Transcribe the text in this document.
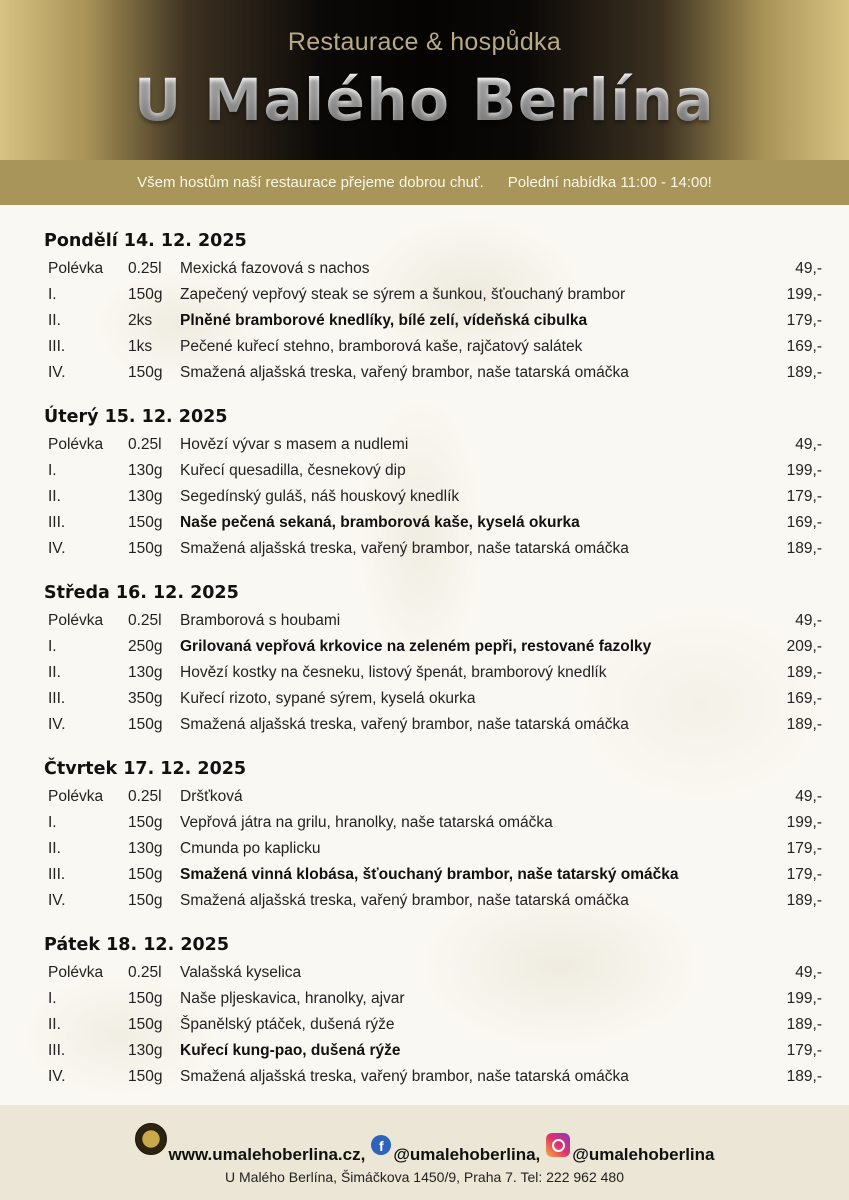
Restaurace & hospůdka
U Malého Berlína
Všem hostům naší restaurace přejeme dobrou chuť. Polední nabídka 11:00 - 14:00!
Pondělí 14. 12. 2025
Polévka	0.25l	Mexická fazovová s nachos	49,-
I.	150g	Zapečený vepřový steak se sýrem a šunkou, šťouchaný brambor	199,-
II.	2ks	Plněné bramborové knedlíky, bílé zelí, vídeňská cibulka	179,-
III.	1ks	Pečené kuřecí stehno, bramborová kaše, rajčatový salátek	169,-
IV.	150g	Smažená aljašská treska, vařený brambor, naše tatarská omáčka	189,-
Úterý 15. 12. 2025
Polévka	0.25l	Hovězí vývar s masem a nudlemi	49,-
I.	130g	Kuřecí quesadilla, česnekový dip	199,-
II.	130g	Segedínský guláš, náš houskový knedlík	179,-
III.	150g	Naše pečená sekaná, bramborová kaše, kyselá okurka	169,-
IV.	150g	Smažená aljašská treska, vařený brambor, naše tatarská omáčka	189,-
Středa 16. 12. 2025
Polévka	0.25l	Bramborová s houbami	49,-
I.	250g	Grilovaná vepřová krkovice na zeleném pepři, restované fazolky	209,-
II.	130g	Hovězí kostky na česneku, listový špenát, bramborový knedlík	189,-
III.	350g	Kuřecí rizoto, sypané sýrem, kyselá okurka	169,-
IV.	150g	Smažená aljašská treska, vařený brambor, naše tatarská omáčka	189,-
Čtvrtek 17. 12. 2025
Polévka	0.25l	Dršťková	49,-
I.	150g	Vepřová játra na grilu, hranolky, naše tatarská omáčka	199,-
II.	130g	Cmunda po kaplicku	179,-
III.	150g	Smažená vinná klobása, šťouchaný brambor, naše tatarský omáčka	179,-
IV.	150g	Smažená aljašská treska, vařený brambor, naše tatarská omáčka	189,-
Pátek 18. 12. 2025
Polévka	0.25l	Valašská kyselica	49,-
I.	150g	Naše pljeskavica, hranolky, ajvar	199,-
II.	150g	Španělský ptáček, dušená rýže	189,-
III.	130g	Kuřecí kung-pao, dušená rýže	179,-
IV.	150g	Smažená aljašská treska, vařený brambor, naše tatarská omáčka	189,-
www.umalehoberlina.cz, f @umalehoberlina, @umalehoberlina
U Malého Berlína, Šimáčkova 1450/9, Praha 7. Tel: 222 962 480
